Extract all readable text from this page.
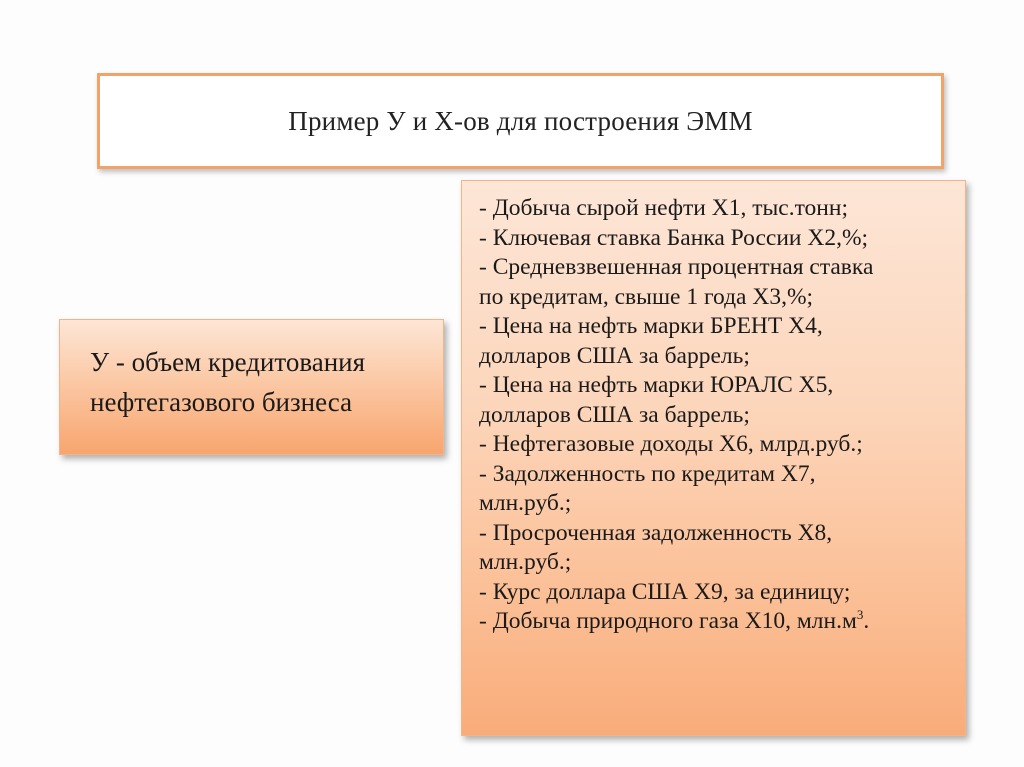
Пример У и Х-ов для построения ЭММ
У - объем кредитования
нефтегазового бизнеса
- Добыча сырой нефти Х1, тыс.тонн;
- Ключевая ставка Банка России Х2,%;
- Средневзвешенная процентная ставка
по кредитам, свыше 1 года Х3,%;
- Цена на нефть марки БРЕНТ Х4,
долларов США за баррель;
- Цена на нефть марки ЮРАЛС Х5,
долларов США за баррель;
- Нефтегазовые доходы Х6, млрд.руб.;
- Задолженность по кредитам Х7,
млн.руб.;
- Просроченная задолженность Х8,
млн.руб.;
- Курс доллара США Х9, за единицу;
- Добыча природного газа Х10, $млн.м^3$.
